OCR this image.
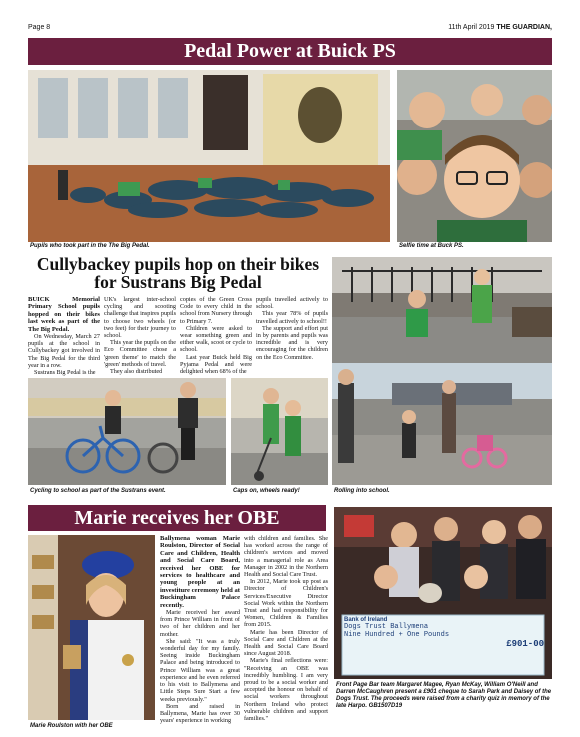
Page 8	11th April 2019 THE GUARDIAN,
Pedal Power at Buick PS
Pupils who took part in the The Big Pedal.	Selfie time at Buck PS.
Cullybackey pupils hop on their bikes for Sustrans Big Pedal

BUICK Memorial Primary School pupils hopped on their bikes last week as part of the The Big Pedal.

On Wednesday, March 27 pupils at the school in Cullybackey got involved in The Big Pedal for the third year in a row.

Sustrans Big Pedal is the

UK's largest inter-school cycling and scooting challenge that inspires pupils to choose two wheels (or two feet) for their journey to school.

This year the pupils on the Eco Committee chose a 'green theme' to match the 'green' methods of travel.

They also distributed

copies of the Green Cross Code to every child in the school from Nursery through to Primary 7.

Children were asked to wear something green and either walk, scoot or cycle to school.

Last year Buick held Big Pyjama Pedal and were delighted when 68% of the

pupils travelled actively to school.

This year 78% of pupils travelled actively to school!!

The support and effort put in by parents and pupils was incredible and is very encouraging for the children on the Eco Committee.

Cycling to school as part of the Sustrans event.	Caps on, wheels ready!	Rolling into school.
Marie receives her OBE
Marie Roulston with her OBE

Ballymena woman Marie Roulston, Director of Social Care and Children, Health and Social Care Board, received her OBE for services to healthcare and young people at an investiture ceremony held at Buckingham Palace recently.

Marie received her award from Prince William in front of two of her children and her mother.

She said: "It was a truly wonderful day for my family. Seeing inside Buckingham Palace and being introduced to Prince William was a great experience and he even referred to his visit to Ballymena and Little Steps Sure Start a few weeks previously."

Born and raised in Ballymena, Marie has over 30 years' experience in working

with children and families. She has worked across the range of children's services and moved into a managerial role as Area Manager in 2002 in the Northern Health and Social Care Trust.

In 2012, Marie took up post as Director of Children's Services/Executive Director Social Work within the Northern Trust and had responsibility for Women, Children & Families from 2015.

Marie has been Director of Social Care and Children at the Health and Social Care Board since August 2018.

Marie's final reflections were: "Receiving an OBE was incredibly humbling. I am very proud to be a social worker and accepted the honour on behalf of social workers throughout Northern Ireland who protect vulnerable children and support families."

Bank of Ireland
Dogs Trust Ballymena
Nine Hundred + One Pounds
£901-00
Front Page Bar team Margaret Magee, Ryan McKay, William O'Neill and Darren McCaughren present a £901 cheque to Sarah Park and Daisey of the Dogs Trust. The proceeds were raised from a charity quiz in memory of the late Harpo. GB1507D19
